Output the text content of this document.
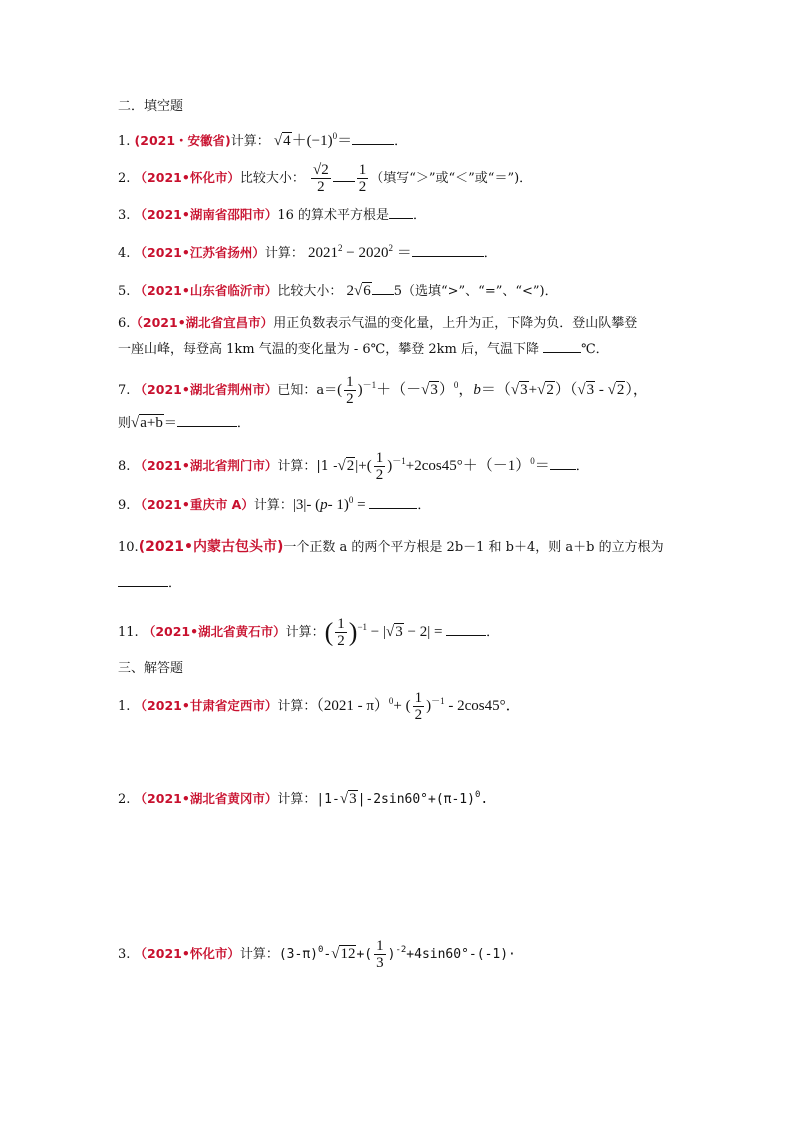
二．填空题
1. (2021・安徽省)计算： $√4+(-1)^0=$	．
2. （2021•怀化市）比较大小： $\frac{√2}{2} \frac{1}{2}$ （填写“＞”或“＜”或“＝”)．
3. （2021•湖南省邵阳市）16 的算术平方根是 ．
4. （2021•江苏省扬州）计算： $2021^2 - 2020^2$ ＝	．
5. （2021•山东省临沂市）比较大小： 2√6 5（选填“>”、“=”、“<”)．
6.（2021•湖北省宜昌市）用正负数表示气温的变化量，上升为正，下降为负．登山队攀登
一座山峰，每登高 1km 气温的变化量为 - 6℃，攀登 2km 后，气温下降	℃．
7. （2021•湖北省荆州市）已知：$a=( \frac{1}{2} )^{-1}+(-√3)^0$，b＝（√3+√2）（√3 - √2），
则√a+b＝	．
8. （2021•湖北省荆门市）计算：|1 $-√2|+( \frac{1}{2} )^{-1}+2\cos 45^\circ+(-1)^0=$ ．
9. （2021•重庆市 A）计算：|3|- (p- 1)$^0$ =	．
10.(2021•内蒙古包头市)一个正数 a 的两个平方根是 2b－1 和 b＋4，则 a＋b 的立方根为
．
11. （2021•湖北省黄石市）计算：( $\frac{1}{2} )^{-1} - |√3 - 2|$ =	．
三、解答题
1. （2021•甘肃省定西市）计算：（2021 - π）$^0$+ ( $\frac{1}{2} )^{-1} - 2\cos 45^\circ$．
2. （2021•湖北省黄冈市）计算：$|1-√3|-2\sin 60^\circ+(\pi-1)^0$.
3. （2021•怀化市）计算：$(3-\pi)^0-√12+( \frac{1}{3} )^{-2}+4\sin 60^\circ-(-1)\cdot$
